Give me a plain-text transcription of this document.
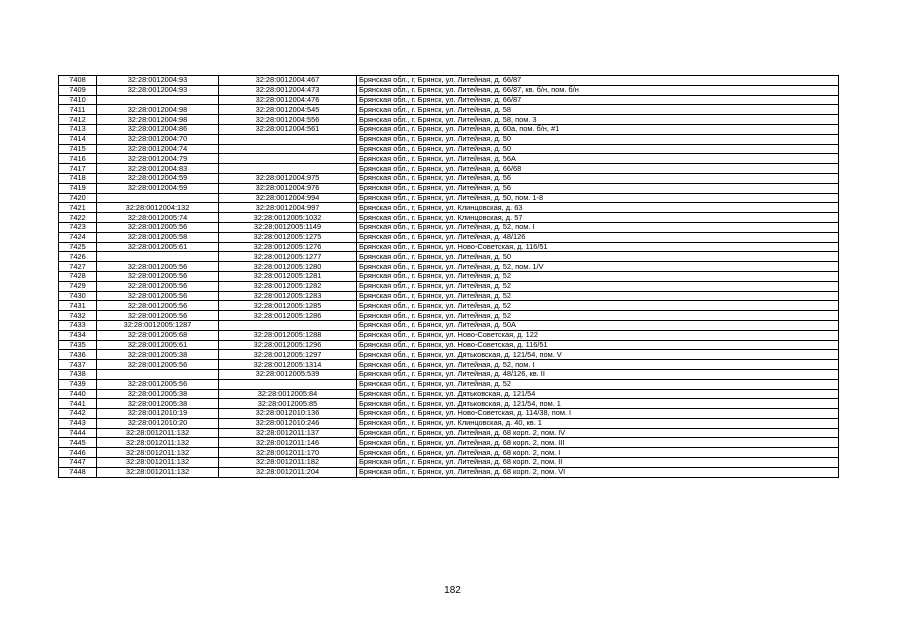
7408	32:28:0012004:93	32:28:0012004:467	Брянская обл., г. Брянск, ул. Литейная, д. 66/87
7409	32:28:0012004:93	32:28:0012004:473	Брянская обл., г. Брянск, ул. Литейная, д. 66/87, кв. б/н, пом. б/н
7410		32:28:0012004:476	Брянская обл., г. Брянск, ул. Литейная, д. 66/87
7411	32:28:0012004:98	32:28:0012004:545	Брянская обл., г. Брянск, ул. Литейная, д. 58
7412	32:28:0012004:98	32:28:0012004:556	Брянская обл., г. Брянск, ул. Литейная, д. 58, пом. 3
7413	32:28:0012004:86	32:28:0012004:561	Брянская обл., г. Брянск, ул. Литейная, д. 60а, пом. б/н, #1
7414	32:28:0012004:70		Брянская обл., г. Брянск, ул. Литейная, д. 50
7415	32:28:0012004:74		Брянская обл., г. Брянск, ул. Литейная, д. 50
7416	32:28:0012004:79		Брянская обл., г. Брянск, ул. Литейная, д. 56А
7417	32:28:0012004:83		Брянская обл., г. Брянск, ул. Литейная, д. 66/68
7418	32:28:0012004:59	32:28:0012004:975	Брянская обл., г. Брянск, ул. Литейная, д. 56
7419	32:28:0012004:59	32:28:0012004:976	Брянская обл., г. Брянск, ул. Литейная, д. 56
7420		32:28:0012004:994	Брянская обл., г. Брянск, ул. Литейная, д. 50, пом. 1-8
7421	32:28:0012004:132	32:28:0012004:997	Брянская обл., г. Брянск, ул. Клинцовская, д. 63
7422	32:28:0012005:74	32:28:0012005:1032	Брянская обл., г. Брянск, ул. Клинцовская, д. 57
7423	32:28:0012005:56	32:28:0012005:1149	Брянская обл., г. Брянск, ул. Литейная, д. 52, пом. I
7424	32:28:0012005:58	32:28:0012005:1275	Брянская обл., г. Брянск, ул. Литейная, д. 48/126
7425	32:28:0012005:61	32:28:0012005:1276	Брянская обл., г. Брянск, ул. Ново-Советская, д. 116/51
7426		32:28:0012005:1277	Брянская обл., г. Брянск, ул. Литейная, д. 50
7427	32:28:0012005:56	32:28:0012005:1280	Брянская обл., г. Брянск, ул. Литейная, д. 52, пом. 1/V
7428	32:28:0012005:56	32:28:0012005:1281	Брянская обл., г. Брянск, ул. Литейная, д. 52
7429	32:28:0012005:56	32:28:0012005:1282	Брянская обл., г. Брянск, ул. Литейная, д. 52
7430	32:28:0012005:56	32:28:0012005:1283	Брянская обл., г. Брянск, ул. Литейная, д. 52
7431	32:28:0012005:56	32:28:0012005:1285	Брянская обл., г. Брянск, ул. Литейная, д. 52
7432	32:28:0012005:56	32:28:0012005:1286	Брянская обл., г. Брянск, ул. Литейная, д. 52
7433	32:28:0012005:1287		Брянская обл., г. Брянск, ул. Литейная, д. 50А
7434	32:28:0012005:68	32:28:0012005:1288	Брянская обл., г. Брянск, ул. Ново-Советская, д. 122
7435	32:28:0012005:61	32:28:0012005:1296	Брянская обл., г. Брянск, ул. Ново-Советская, д. 116/51
7436	32:28:0012005:38	32:28:0012005:1297	Брянская обл., г. Брянск, ул. Дятьковская, д. 121/54, пом. V
7437	32:28:0012005:56	32:28:0012005:1314	Брянская обл., г. Брянск, ул. Литейная, д. 52, пом. I
7438		32:28:0012005:539	Брянская обл., г. Брянск, ул. Литейная, д. 48/126, кв. II
7439	32:28:0012005:56		Брянская обл., г. Брянск, ул. Литейная, д. 52
7440	32:28:0012005:38	32:28:0012005:84	Брянская обл., г. Брянск, ул. Дятьковская, д. 121/54
7441	32:28:0012005:38	32:28:0012005:85	Брянская обл., г. Брянск, ул. Дятьковская, д. 121/54, пом. 1
7442	32:28:0012010:19	32:28:0012010:136	Брянская обл., г. Брянск, ул. Ново-Советская, д. 114/38, пом. I
7443	32:28:0012010:20	32:28:0012010:246	Брянская обл., г. Брянск, ул. Клинцовская, д. 40, кв. 1
7444	32:28:0012011:132	32:28:0012011:137	Брянская обл., г. Брянск, ул. Литейная, д. 68 корп. 2, пом. IV
7445	32:28:0012011:132	32:28:0012011:146	Брянская обл., г. Брянск, ул. Литейная, д. 68 корп. 2, пом. III
7446	32:28:0012011:132	32:28:0012011:170	Брянская обл., г. Брянск, ул. Литейная, д. 68 корп. 2, пом. I
7447	32:28:0012011:132	32:28:0012011:182	Брянская обл., г. Брянск, ул. Литейная, д. 68 корп. 2, пом. II
7448	32:28:0012011:132	32:28:0012011:204	Брянская обл., г. Брянск, ул. Литейная, д. 68 корп. 2, пом. VI
182
